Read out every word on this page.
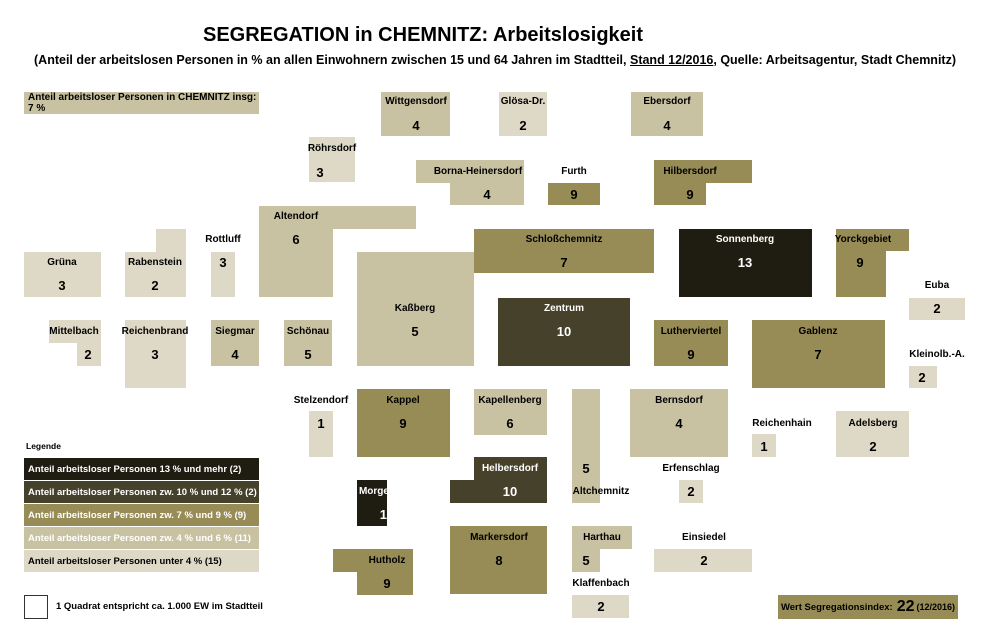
SEGREGATION in CHEMNITZ: Arbeitslosigkeit
(Anteil der arbeitslosen Personen in % an allen Einwohnern zwischen 15 und 64 Jahren im Stadtteil, Stand 12/2016, Quelle: Arbeitsagentur, Stadt Chemnitz)
Anteil arbeitsloser Personen in CHEMNITZ insg: 7 %
Wittgensdorf
4
Glösa-Dr.
2
Ebersdorf
4
Röhrsdorf
3	Borna-Heinersdorf
4
Furth
9
Hilbersdorf
9
Altendorf
6
Rottluff
3
Schloßchemnitz
7
Sonnenberg
13
Yorckgebiet
9
Grüna
3
Rabenstein
2
Kaßberg
5
Zentrum
10
Euba
2
Mittelbach
2
Reichenbrand
3
Siegmar
4
Schönau
5
Lutherviertel
9
Gablenz
7	Kleinolb.-A.
2
Stelzendorf
1
Kappel
9
Kapellenberg
6
Bernsdorf
4	Reichenhain
1
Adelsberg
2
Helbersdorf
10	Altchemnitz
5	Erfenschlag
2
Morgenleite
13
Markersdorf
8
Harthau
5
Einsiedel
2
Hutholz
9	Klaffenbach
2
Legende
Anteil arbeitsloser Personen 13 % und mehr (2)
Anteil arbeitsloser Personen zw. 10 % und 12 % (2)
Anteil arbeitsloser Personen zw. 7 % und 9 % (9)
Anteil arbeitsloser Personen zw. 4 % und 6 % (11)
Anteil arbeitsloser Personen unter 4 % (15)
1 Quadrat entspricht ca. 1.000 EW im Stadtteil	Wert Segregationsindex: 22 (12/2016)
